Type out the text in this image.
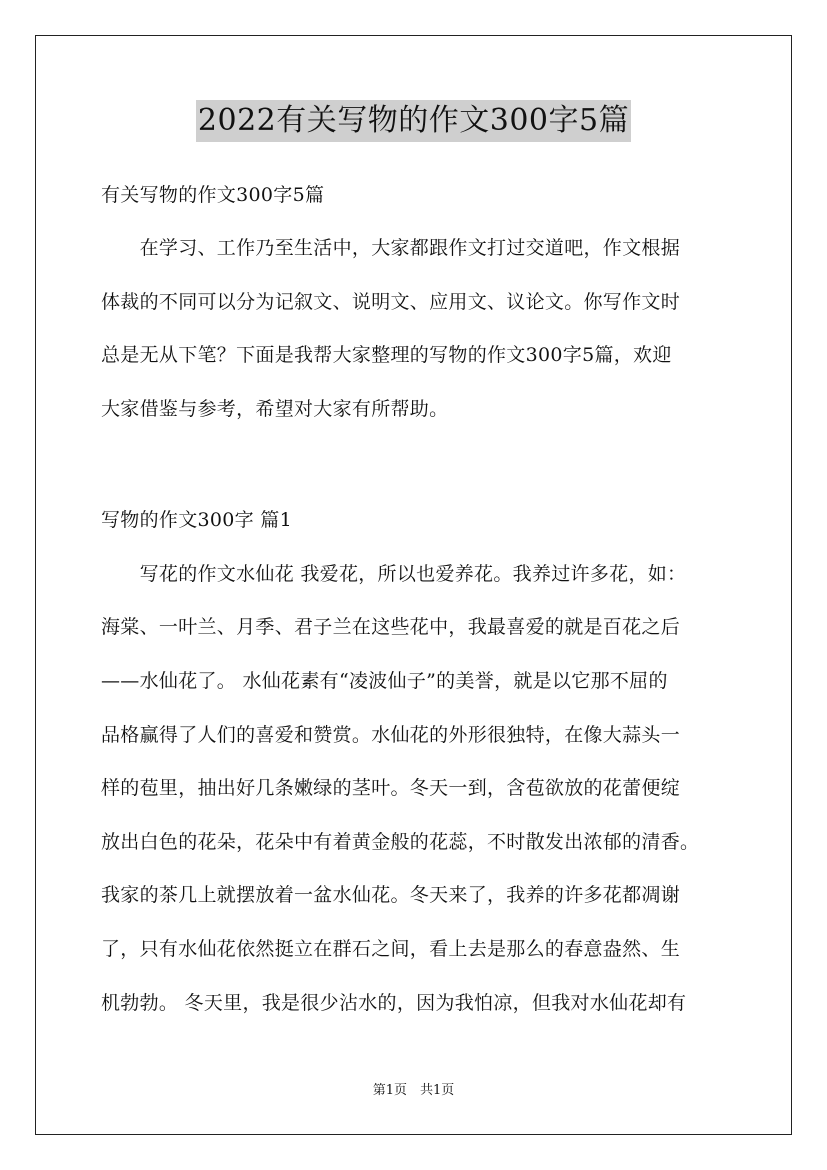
2022有关写物的作文300字5篇
有关写物的作文300字5篇
　　在学习、工作乃至生活中，大家都跟作文打过交道吧，作文根据
体裁的不同可以分为记叙文、说明文、应用文、议论文。你写作文时
总是无从下笔？下面是我帮大家整理的写物的作文300字5篇，欢迎
大家借鉴与参考，希望对大家有所帮助。
写物的作文300字 篇1
　　写花的作文水仙花 我爱花，所以也爱养花。我养过许多花，如：
海棠、一叶兰、月季、君子兰在这些花中，我最喜爱的就是百花之后
——水仙花了。 水仙花素有“凌波仙子”的美誉，就是以它那不屈的
品格赢得了人们的喜爱和赞赏。水仙花的外形很独特，在像大蒜头一
样的苞里，抽出好几条嫩绿的茎叶。冬天一到，含苞欲放的花蕾便绽
放出白色的花朵，花朵中有着黄金般的花蕊，不时散发出浓郁的清香。
我家的茶几上就摆放着一盆水仙花。冬天来了，我养的许多花都凋谢
了，只有水仙花依然挺立在群石之间，看上去是那么的春意盎然、生
机勃勃。 冬天里，我是很少沾水的，因为我怕凉，但我对水仙花却有
第1页　共1页
